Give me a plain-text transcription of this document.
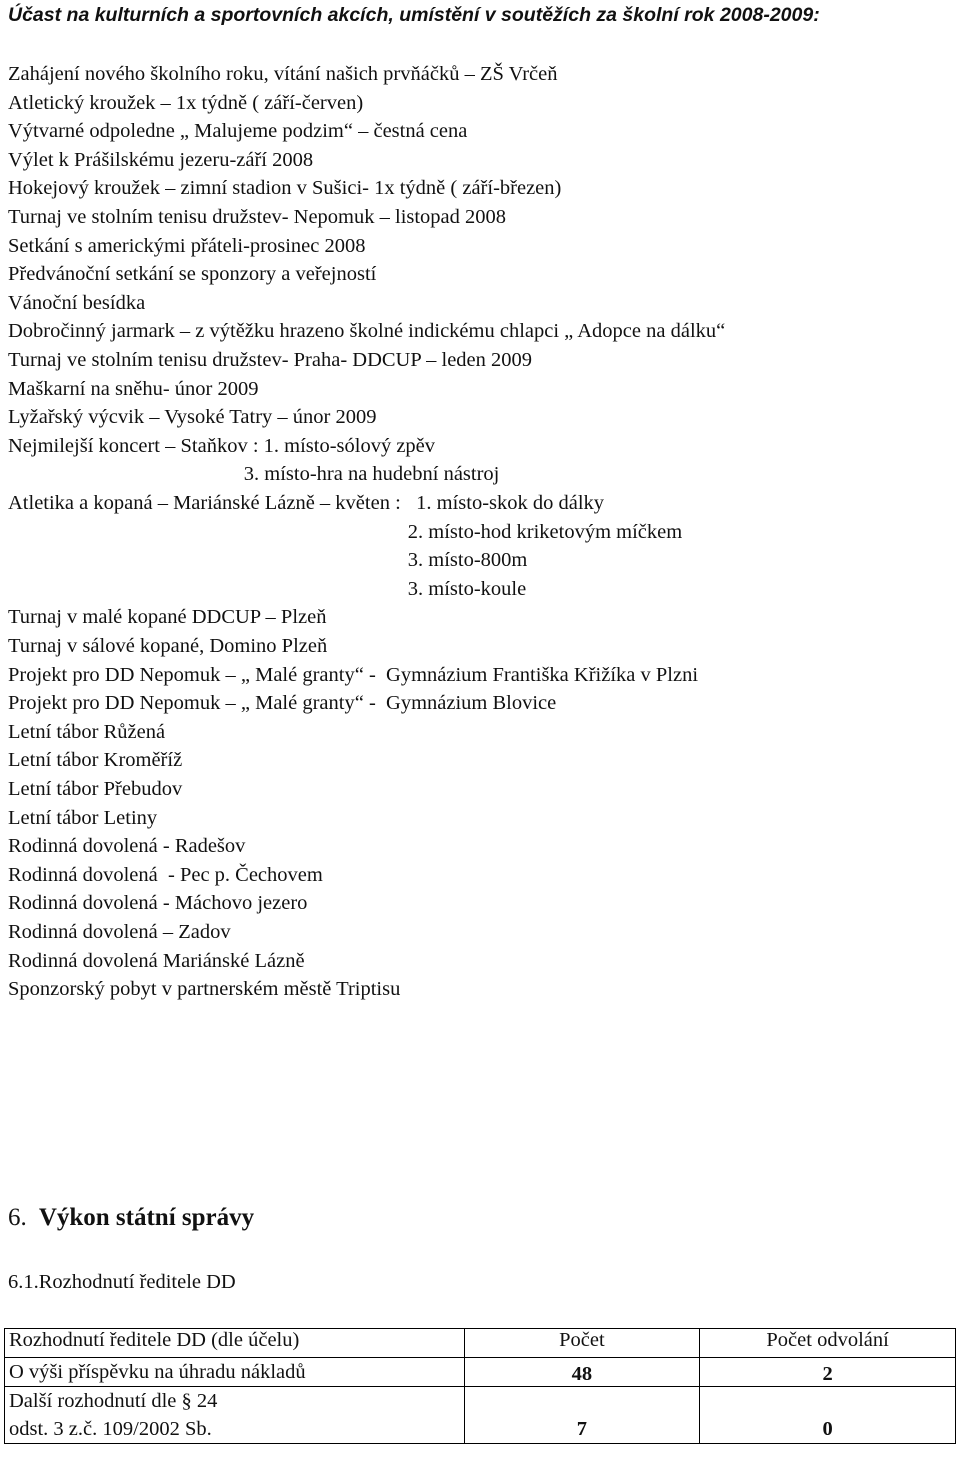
Účast na kulturních a sportovních akcích, umístění v soutěžích za školní rok 2008-2009:
Zahájení nového školního roku, vítání našich prvňáčků – ZŠ Vrčeň
Atletický kroužek – 1x týdně ( září-červen)
Výtvarné odpoledne „ Malujeme podzim“ – čestná cena
Výlet k Prášilskému jezeru-září 2008
Hokejový kroužek – zimní stadion v Sušici- 1x týdně ( září-březen)
Turnaj ve stolním tenisu družstev- Nepomuk – listopad 2008
Setkání s americkými přáteli-prosinec 2008
Předvánoční setkání se sponzory a veřejností
Vánoční besídka
Dobročinný jarmark – z výtěžku hrazeno školné indickému chlapci „ Adopce na dálku“
Turnaj ve stolním tenisu družstev- Praha- DDCUP – leden 2009
Maškarní na sněhu- únor 2009
Lyžařský výcvik – Vysoké Tatry – únor 2009
Nejmilejší koncert – Staňkov : 1. místo-sólový zpěv
3. místo-hra na hudební nástroj
Atletika a kopaná – Mariánské Lázně – květen :   1. místo-skok do dálky
2. místo-hod kriketovým míčkem
3. místo-800m
3. místo-koule
Turnaj v malé kopané DDCUP – Plzeň
Turnaj v sálové kopané, Domino Plzeň
Projekt pro DD Nepomuk – „ Malé granty“ -  Gymnázium Františka Křižíka v Plzni
Projekt pro DD Nepomuk – „ Malé granty“ -  Gymnázium Blovice
Letní tábor Růžená
Letní tábor Kroměříž
Letní tábor Přebudov
Letní tábor Letiny
Rodinná dovolená - Radešov
Rodinná dovolená  - Pec p. Čechovem
Rodinná dovolená - Máchovo jezero
Rodinná dovolená – Zadov
Rodinná dovolená Mariánské Lázně
Sponzorský pobyt v partnerském městě Triptisu
6. Výkon státní správy
6.1.Rozhodnutí ředitele DD
Rozhodnutí ředitele DD (dle účelu)	Počet	Počet odvolání
O výši příspěvku na úhradu nákladů	48	2
Další rozhodnutí dle § 24
odst. 3 z.č. 109/2002 Sb.	7	0
